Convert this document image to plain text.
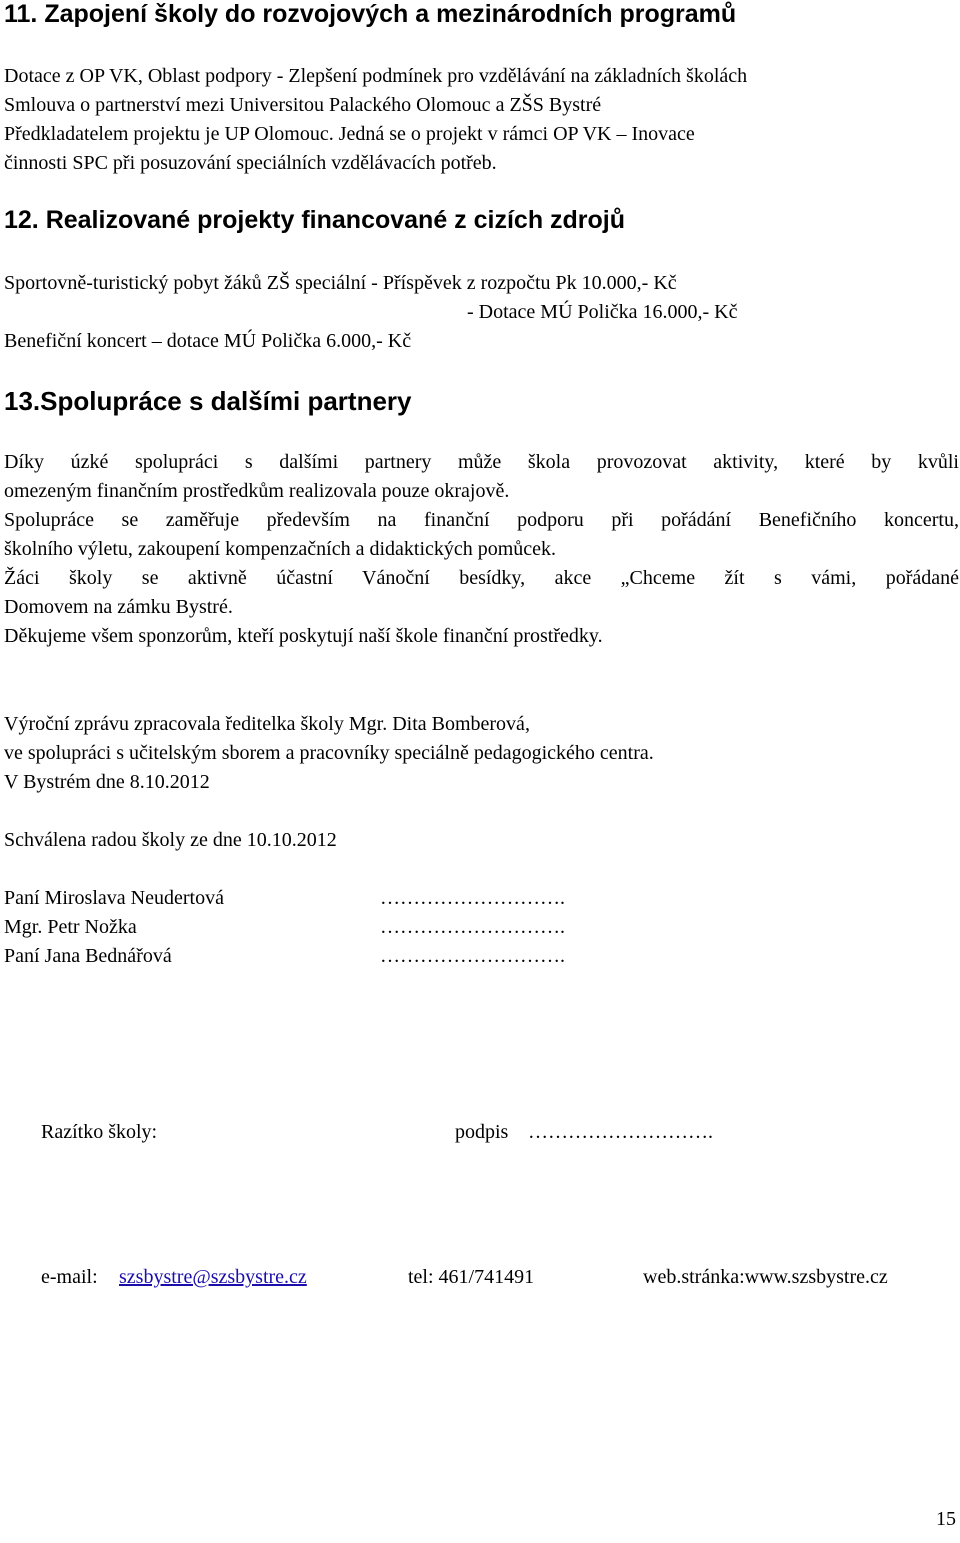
11. Zapojení školy do rozvojových a mezinárodních programů
Dotace z OP VK, Oblast podpory - Zlepšení podmínek pro vzdělávání na základních školách
Smlouva o partnerství mezi Universitou Palackého Olomouc a ZŠS Bystré
Předkladatelem projektu je UP Olomouc. Jedná se o projekt v rámci OP VK – Inovace
činnosti SPC při posuzování speciálních vzdělávacích potřeb.
12. Realizované projekty financované z cizích zdrojů
Sportovně-turistický pobyt žáků ZŠ speciální - Příspěvek z rozpočtu Pk 10.000,- Kč
- Dotace MÚ Polička 16.000,- Kč
Benefiční koncert – dotace MÚ Polička 6.000,- Kč
13.Spolupráce s dalšími partnery
Díky úzké spolupráci s dalšími partnery může škola provozovat aktivity, které by kvůli
omezeným finančním prostředkům realizovala pouze okrajově.
Spolupráce se zaměřuje především na finanční podporu při pořádání Benefičního koncertu,
školního výletu, zakoupení kompenzačních a didaktických pomůcek.
Žáci školy se aktivně účastní Vánoční besídky, akce „Chceme žít s vámi, pořádané
Domovem na zámku Bystré.
Děkujeme všem sponzorům, kteří poskytují naší škole finanční prostředky.
Výroční zprávu zpracovala ředitelka školy Mgr. Dita Bomberová,
ve spolupráci s učitelským sborem a pracovníky speciálně pedagogického centra.
V Bystrém dne 8.10.2012
Schválena radou školy ze dne 10.10.2012
Paní Miroslava Neudertová	……………………….
Mgr. Petr Nožka	……………………….
Paní Jana Bednářová	……………………….
Razítko školy:	podpis ……………………….
e-mail: szsbystre@szsbystre.cz	tel: 461/741491	web.stránka:www.szsbystre.cz
15
